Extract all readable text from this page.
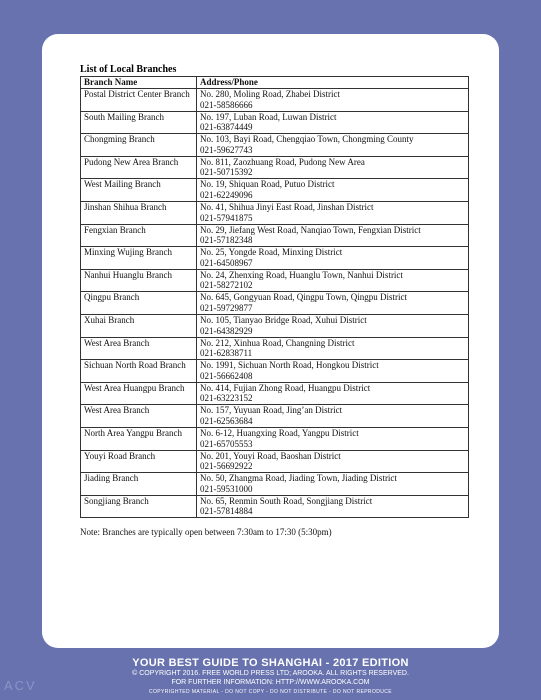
List of Local Branches
Branch Name	Address/Phone
Postal District Center Branch	No. 280, Moling Road, Zhabei District
021-58586666

South Mailing Branch	No. 197, Luban Road, Luwan District
021-63874449

Chongming Branch	No. 103, Bayi Road, Chengqiao Town, Chongming County
021-59627743

Pudong New Area Branch	No. 811, Zaozhuang Road, Pudong New Area
021-50715392

West Mailing Branch	No. 19, Shiquan Road, Putuo District
021-62249096

Jinshan Shihua Branch	No. 41, Shihua Jinyi East Road, Jinshan District
021-57941875

Fengxian Branch	No. 29, Jiefang West Road, Nanqiao Town, Fengxian District
021-57182348

Minxing Wujing Branch	No. 25, Yongde Road, Minxing District
021-64508967

Nanhui Huanglu Branch	No. 24, Zhenxing Road, Huanglu Town, Nanhui District
021-58272102

Qingpu Branch	No. 645, Gongyuan Road, Qingpu Town, Qingpu District
021-59729877

Xuhai Branch	No. 105, Tianyao Bridge Road, Xuhui District
021-64382929

West Area Branch	No. 212, Xinhua Road, Changning District
021-62838711

Sichuan North Road Branch	No. 1991, Sichuan North Road, Hongkou District
021-56662408

West Area Huangpu Branch	No. 414, Fujian Zhong Road, Huangpu District
021-63223152

West Area Branch	No. 157, Yuyuan Road, Jing’an District
021-62563684

North Area Yangpu Branch	No. 6-12, Huangxing Road, Yangpu District
021-65705553

Youyi Road Branch	No. 201, Youyi Road, Baoshan District
021-56692922

Jiading Branch	No. 50, Zhangma Road, Jiading Town, Jiading District
021-59531000

Songjiang Branch	No. 65, Renmin South Road, Songjiang District
021-57814884

Note: Branches are typically open between 7:30am to 17:30 (5:30pm)

YOUR BEST GUIDE TO SHANGHAI - 2017 EDITION
© COPYRIGHT 2016. FREE WORLD PRESS LTD; AROOKA. ALL RIGHTS RESERVED.
FOR FURTHER INFORMATION: HTTP://WWW.AROOKA.COM
COPYRIGHTED MATERIAL - DO NOT COPY - DO NOT DISTRIBUTE - DO NOT REPRODUCE
ACV
